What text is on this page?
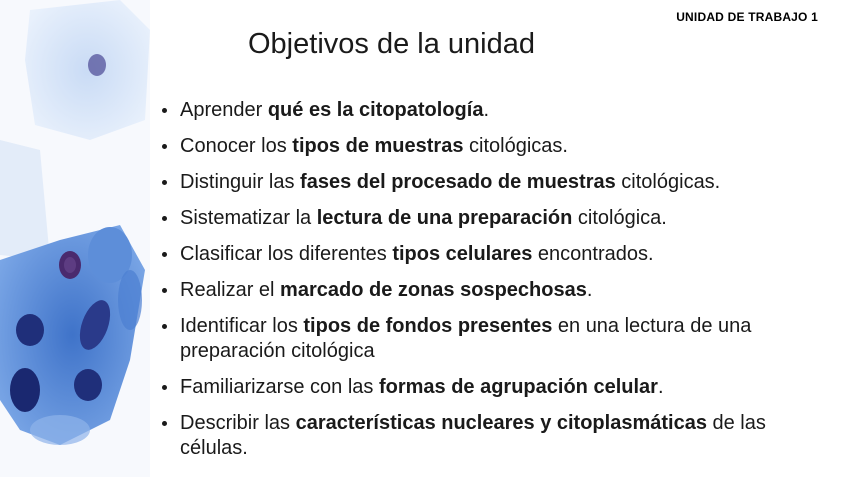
UNIDAD DE TRABAJO 1
Objetivos de la unidad
Aprender qué es la citopatología.
Conocer los tipos de muestras citológicas.
Distinguir las fases del procesado de muestras citológicas.
Sistematizar la lectura de una preparación citológica.
Clasificar los diferentes tipos celulares encontrados.
Realizar el marcado de zonas sospechosas.
Identificar los tipos de fondos presentes en una lectura de una preparación citológica
Familiarizarse con las formas de agrupación celular.
Describir las características nucleares y citoplasmáticas de las células.
